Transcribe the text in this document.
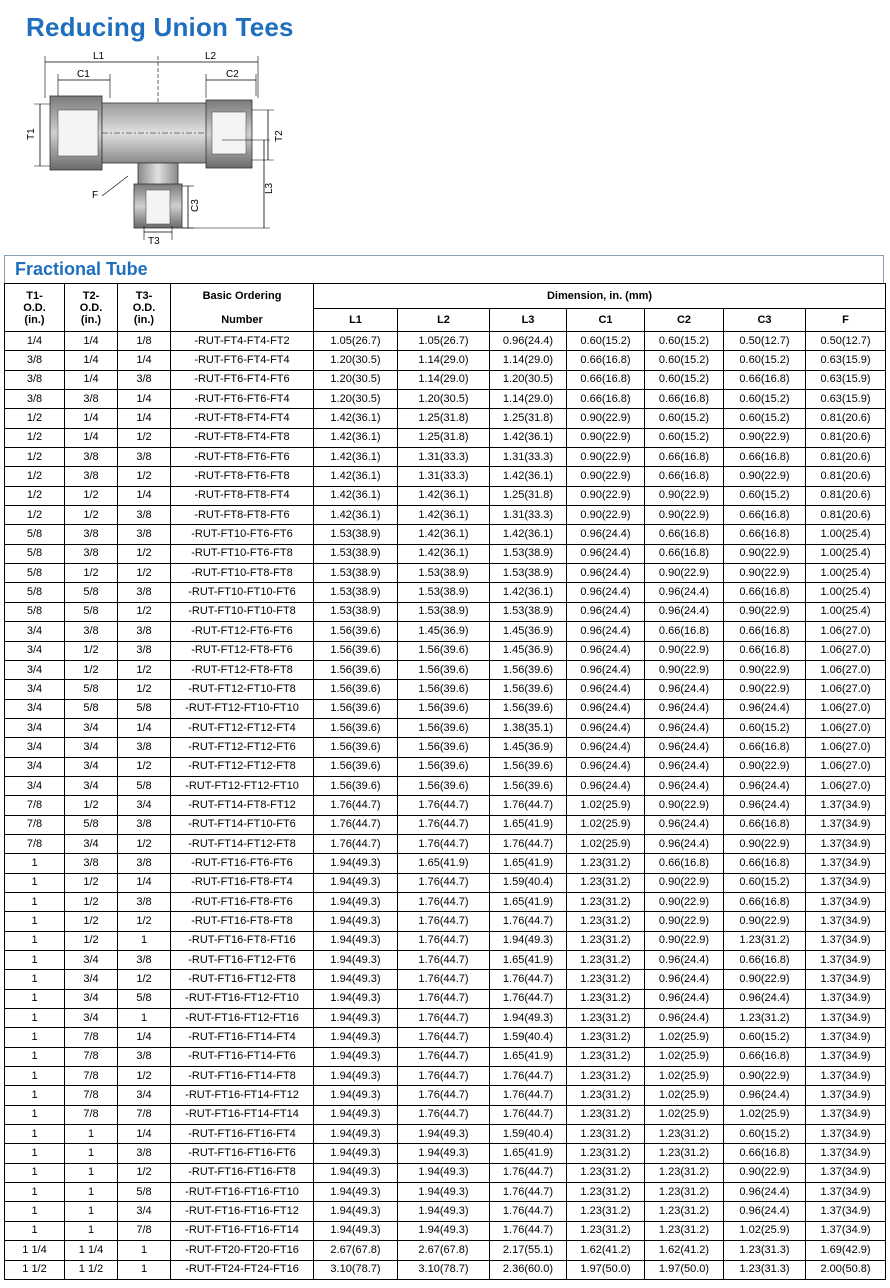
Reducing Union Tees
L1	L2
C1	C2
T1	T2
T3
F
C3
L3
Fractional Tube
T1-
O.D.
(in.)	T2-
O.D.
(in.)	T3-
O.D.
(in.)	Basic Ordering	Dimension, in. (mm)						
			Number	L1	L2	L3	C1	C2	C3	F
1/4	1/4	1/8	-RUT-FT4-FT4-FT2	1.05(26.7)	1.05(26.7)	0.96(24.4)	0.60(15.2)	0.60(15.2)	0.50(12.7)	0.50(12.7)
3/8	1/4	1/4	-RUT-FT6-FT4-FT4	1.20(30.5)	1.14(29.0)	1.14(29.0)	0.66(16.8)	0.60(15.2)	0.60(15.2)	0.63(15.9)
3/8	1/4	3/8	-RUT-FT6-FT4-FT6	1.20(30.5)	1.14(29.0)	1.20(30.5)	0.66(16.8)	0.60(15.2)	0.66(16.8)	0.63(15.9)
3/8	3/8	1/4	-RUT-FT6-FT6-FT4	1.20(30.5)	1.20(30.5)	1.14(29.0)	0.66(16.8)	0.66(16.8)	0.60(15.2)	0.63(15.9)
1/2	1/4	1/4	-RUT-FT8-FT4-FT4	1.42(36.1)	1.25(31.8)	1.25(31.8)	0.90(22.9)	0.60(15.2)	0.60(15.2)	0.81(20.6)
1/2	1/4	1/2	-RUT-FT8-FT4-FT8	1.42(36.1)	1.25(31.8)	1.42(36.1)	0.90(22.9)	0.60(15.2)	0.90(22.9)	0.81(20.6)
1/2	3/8	3/8	-RUT-FT8-FT6-FT6	1.42(36.1)	1.31(33.3)	1.31(33.3)	0.90(22.9)	0.66(16.8)	0.66(16.8)	0.81(20.6)
1/2	3/8	1/2	-RUT-FT8-FT6-FT8	1.42(36.1)	1.31(33.3)	1.42(36.1)	0.90(22.9)	0.66(16.8)	0.90(22.9)	0.81(20.6)
1/2	1/2	1/4	-RUT-FT8-FT8-FT4	1.42(36.1)	1.42(36.1)	1.25(31.8)	0.90(22.9)	0.90(22.9)	0.60(15.2)	0.81(20.6)
1/2	1/2	3/8	-RUT-FT8-FT8-FT6	1.42(36.1)	1.42(36.1)	1.31(33.3)	0.90(22.9)	0.90(22.9)	0.66(16.8)	0.81(20.6)
5/8	3/8	3/8	-RUT-FT10-FT6-FT6	1.53(38.9)	1.42(36.1)	1.42(36.1)	0.96(24.4)	0.66(16.8)	0.66(16.8)	1.00(25.4)
5/8	3/8	1/2	-RUT-FT10-FT6-FT8	1.53(38.9)	1.42(36.1)	1.53(38.9)	0.96(24.4)	0.66(16.8)	0.90(22.9)	1.00(25.4)
5/8	1/2	1/2	-RUT-FT10-FT8-FT8	1.53(38.9)	1.53(38.9)	1.53(38.9)	0.96(24.4)	0.90(22.9)	0.90(22.9)	1.00(25.4)
5/8	5/8	3/8	-RUT-FT10-FT10-FT6	1.53(38.9)	1.53(38.9)	1.42(36.1)	0.96(24.4)	0.96(24.4)	0.66(16.8)	1.00(25.4)
5/8	5/8	1/2	-RUT-FT10-FT10-FT8	1.53(38.9)	1.53(38.9)	1.53(38.9)	0.96(24.4)	0.96(24.4)	0.90(22.9)	1.00(25.4)
3/4	3/8	3/8	-RUT-FT12-FT6-FT6	1.56(39.6)	1.45(36.9)	1.45(36.9)	0.96(24.4)	0.66(16.8)	0.66(16.8)	1.06(27.0)
3/4	1/2	3/8	-RUT-FT12-FT8-FT6	1.56(39.6)	1.56(39.6)	1.45(36.9)	0.96(24.4)	0.90(22.9)	0.66(16.8)	1.06(27.0)
3/4	1/2	1/2	-RUT-FT12-FT8-FT8	1.56(39.6)	1.56(39.6)	1.56(39.6)	0.96(24.4)	0.90(22.9)	0.90(22.9)	1.06(27.0)
3/4	5/8	1/2	-RUT-FT12-FT10-FT8	1.56(39.6)	1.56(39.6)	1.56(39.6)	0.96(24.4)	0.96(24.4)	0.90(22.9)	1.06(27.0)
3/4	5/8	5/8	-RUT-FT12-FT10-FT10	1.56(39.6)	1.56(39.6)	1.56(39.6)	0.96(24.4)	0.96(24.4)	0.96(24.4)	1.06(27.0)
3/4	3/4	1/4	-RUT-FT12-FT12-FT4	1.56(39.6)	1.56(39.6)	1.38(35.1)	0.96(24.4)	0.96(24.4)	0.60(15.2)	1.06(27.0)
3/4	3/4	3/8	-RUT-FT12-FT12-FT6	1.56(39.6)	1.56(39.6)	1.45(36.9)	0.96(24.4)	0.96(24.4)	0.66(16.8)	1.06(27.0)
3/4	3/4	1/2	-RUT-FT12-FT12-FT8	1.56(39.6)	1.56(39.6)	1.56(39.6)	0.96(24.4)	0.96(24.4)	0.90(22.9)	1.06(27.0)
3/4	3/4	5/8	-RUT-FT12-FT12-FT10	1.56(39.6)	1.56(39.6)	1.56(39.6)	0.96(24.4)	0.96(24.4)	0.96(24.4)	1.06(27.0)
7/8	1/2	3/4	-RUT-FT14-FT8-FT12	1.76(44.7)	1.76(44.7)	1.76(44.7)	1.02(25.9)	0.90(22.9)	0.96(24.4)	1.37(34.9)
7/8	5/8	3/8	-RUT-FT14-FT10-FT6	1.76(44.7)	1.76(44.7)	1.65(41.9)	1.02(25.9)	0.96(24.4)	0.66(16.8)	1.37(34.9)
7/8	3/4	1/2	-RUT-FT14-FT12-FT8	1.76(44.7)	1.76(44.7)	1.76(44.7)	1.02(25.9)	0.96(24.4)	0.90(22.9)	1.37(34.9)
1	3/8	3/8	-RUT-FT16-FT6-FT6	1.94(49.3)	1.65(41.9)	1.65(41.9)	1.23(31.2)	0.66(16.8)	0.66(16.8)	1.37(34.9)
1	1/2	1/4	-RUT-FT16-FT8-FT4	1.94(49.3)	1.76(44.7)	1.59(40.4)	1.23(31.2)	0.90(22.9)	0.60(15.2)	1.37(34.9)
1	1/2	3/8	-RUT-FT16-FT8-FT6	1.94(49.3)	1.76(44.7)	1.65(41.9)	1.23(31.2)	0.90(22.9)	0.66(16.8)	1.37(34.9)
1	1/2	1/2	-RUT-FT16-FT8-FT8	1.94(49.3)	1.76(44.7)	1.76(44.7)	1.23(31.2)	0.90(22.9)	0.90(22.9)	1.37(34.9)
1	1/2	1	-RUT-FT16-FT8-FT16	1.94(49.3)	1.76(44.7)	1.94(49.3)	1.23(31.2)	0.90(22.9)	1.23(31.2)	1.37(34.9)
1	3/4	3/8	-RUT-FT16-FT12-FT6	1.94(49.3)	1.76(44.7)	1.65(41.9)	1.23(31.2)	0.96(24.4)	0.66(16.8)	1.37(34.9)
1	3/4	1/2	-RUT-FT16-FT12-FT8	1.94(49.3)	1.76(44.7)	1.76(44.7)	1.23(31.2)	0.96(24.4)	0.90(22.9)	1.37(34.9)
1	3/4	5/8	-RUT-FT16-FT12-FT10	1.94(49.3)	1.76(44.7)	1.76(44.7)	1.23(31.2)	0.96(24.4)	0.96(24.4)	1.37(34.9)
1	3/4	1	-RUT-FT16-FT12-FT16	1.94(49.3)	1.76(44.7)	1.94(49.3)	1.23(31.2)	0.96(24.4)	1.23(31.2)	1.37(34.9)
1	7/8	1/4	-RUT-FT16-FT14-FT4	1.94(49.3)	1.76(44.7)	1.59(40.4)	1.23(31.2)	1.02(25.9)	0.60(15.2)	1.37(34.9)
1	7/8	3/8	-RUT-FT16-FT14-FT6	1.94(49.3)	1.76(44.7)	1.65(41.9)	1.23(31.2)	1.02(25.9)	0.66(16.8)	1.37(34.9)
1	7/8	1/2	-RUT-FT16-FT14-FT8	1.94(49.3)	1.76(44.7)	1.76(44.7)	1.23(31.2)	1.02(25.9)	0.90(22.9)	1.37(34.9)
1	7/8	3/4	-RUT-FT16-FT14-FT12	1.94(49.3)	1.76(44.7)	1.76(44.7)	1.23(31.2)	1.02(25.9)	0.96(24.4)	1.37(34.9)
1	7/8	7/8	-RUT-FT16-FT14-FT14	1.94(49.3)	1.76(44.7)	1.76(44.7)	1.23(31.2)	1.02(25.9)	1.02(25.9)	1.37(34.9)
1	1	1/4	-RUT-FT16-FT16-FT4	1.94(49.3)	1.94(49.3)	1.59(40.4)	1.23(31.2)	1.23(31.2)	0.60(15.2)	1.37(34.9)
1	1	3/8	-RUT-FT16-FT16-FT6	1.94(49.3)	1.94(49.3)	1.65(41.9)	1.23(31.2)	1.23(31.2)	0.66(16.8)	1.37(34.9)
1	1	1/2	-RUT-FT16-FT16-FT8	1.94(49.3)	1.94(49.3)	1.76(44.7)	1.23(31.2)	1.23(31.2)	0.90(22.9)	1.37(34.9)
1	1	5/8	-RUT-FT16-FT16-FT10	1.94(49.3)	1.94(49.3)	1.76(44.7)	1.23(31.2)	1.23(31.2)	0.96(24.4)	1.37(34.9)
1	1	3/4	-RUT-FT16-FT16-FT12	1.94(49.3)	1.94(49.3)	1.76(44.7)	1.23(31.2)	1.23(31.2)	0.96(24.4)	1.37(34.9)
1	1	7/8	-RUT-FT16-FT16-FT14	1.94(49.3)	1.94(49.3)	1.76(44.7)	1.23(31.2)	1.23(31.2)	1.02(25.9)	1.37(34.9)
1 1/4	1 1/4	1	-RUT-FT20-FT20-FT16	2.67(67.8)	2.67(67.8)	2.17(55.1)	1.62(41.2)	1.62(41.2)	1.23(31.3)	1.69(42.9)
1 1/2	1 1/2	1	-RUT-FT24-FT24-FT16	3.10(78.7)	3.10(78.7)	2.36(60.0)	1.97(50.0)	1.97(50.0)	1.23(31.3)	2.00(50.8)
